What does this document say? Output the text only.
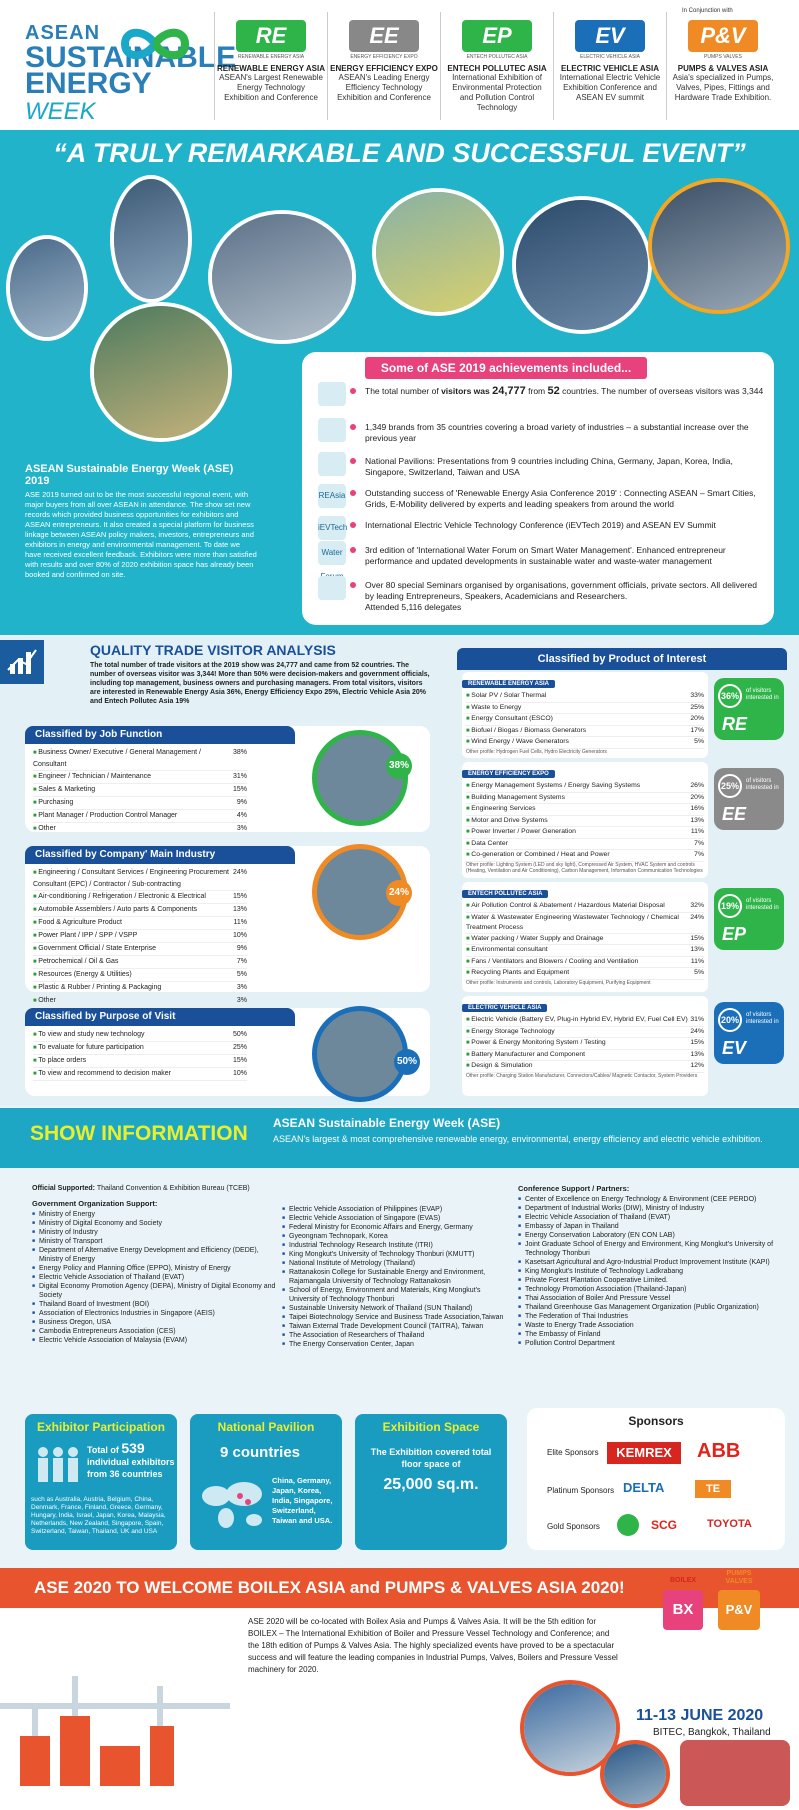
ASEAN
SUSTAINABLE
ENERGY WEEK
In Conjunction with
RE
RENEWABLE ENERGY ASIA
RENEWABLE ENERGY ASIA
ASEAN's Largest Renewable Energy Technology Exhibition and Conference
EE
ENERGY EFFICIENCY EXPO
ENERGY EFFICIENCY EXPO
ASEAN's Leading Energy Efficiency Technology Exhibition and Conference
EP
ENTECH POLLUTEC ASIA
ENTECH POLLUTEC ASIA
International Exhibition of Environmental Protection and Pollution Control Technology
EV
ELECTRIC VEHICLE ASIA
ELECTRIC VEHICLE ASIA
International Electric Vehicle Exhibition Conference and ASEAN EV summit
P&V
PUMPS VALVES
PUMPS & VALVES ASIA
Asia's specialized in Pumps, Valves, Pipes, Fittings and Hardware Trade Exhibition.
“A TRULY REMARKABLE AND SUCCESSFUL EVENT”
Some of ASE 2019 achievements included...
The total number of visitors was 24,777 from 52 countries. The number of overseas visitors was 3,344
1,349 brands from 35 countries covering a broad variety of industries – a substantial increase over the previous year
National Pavilions: Presentations from 9 countries including China, Germany, Japan, Korea, India, Singapore, Switzerland, Taiwan and USA
REAsia Outstanding success of 'Renewable Energy Asia Conference 2019' : Connecting ASEAN – Smart Cities, Grids, E-Mobility delivered by experts and leading speakers from around the world
iEVTech International Electric Vehicle Technology Conference (iEVTech 2019) and ASEAN EV Summit
Water	3rd edition of 'International Water Forum on Smart Water Management'. Enhanced entrepreneur performance and updated developments in sustainable water and waste-water management
Over 80 special Seminars organised by organisations, government officials, private sectors. All delivered by leading Entrepreneurs, Speakers, Academicians and Researchers.
Attended 5,116 delegates
ASEAN Sustainable Energy Week (ASE) 2019

ASE 2019 turned out to be the most successful regional event, with major buyers from all over ASEAN in attendance. The show set new records which provided business opportunities for exhibitors and ASEAN entrepreneurs. It also created a special platform for business linkage between ASEAN policy makers, investors, entrepreneurs and exhibitors in energy and environmental management. To date we have received excellent feedback. Exhibitors were more than satisfied with results and over 80% of 2020 exhibition space has already been booked and confirmed on site.

QUALITY TRADE VISITOR ANALYSIS
The total number of trade visitors at the 2019 show was 24,777 and came from 52 countries. The number of overseas visitor was 3,344! More than 50% were decision-makers and government officials, including top management, business owners and purchasing managers. From total visitors, visitors are interested in Renewable Energy Asia 36%, Energy Efficiency Expo 25%, Electric Vehicle Asia 20% and Entech Pollutec Asia 19%
Classified by Job Function
■ Business Owner/ Executive / General Management / Consultant
38%
■ Engineer / Technician / Maintenance	31%
■ Sales & Marketing	15%
■ Purchasing	9%
■ Plant Manager / Production Control Manager	4%
■ Other	3%
38%
Classified by Company' Main Industry
■ Engineering / Consultant Services / Engineering Procurement Consultant (EPC) / Contractor / Sub-contracting
24%
■ Air-conditioning / Refrigeration / Electronic & Electrical	15%
■ Automobile Assemblers / Auto parts & Components	13%
■ Food & Agriculture Product	11%
■ Power Plant / IPP / SPP / VSPP	10%
■ Government Official / State Enterprise	9%
■ Petrochemical / Oil & Gas	7%
■ Resources (Energy & Utilities)	5%
■ Plastic & Rubber / Printing & Packaging	3%
■ Other	3%
24%
Classified by Purpose of Visit
■ To view and study new technology	50%
■ To evaluate for future participation	25%
■ To place orders	15%
■ To view and recommend to decision maker	10%
50%
Classified by Product of Interest
RENEWABLE ENERGY ASIA
■ Solar PV / Solar Thermal	33%
■ Waste to Energy	25%
■ Energy Consultant (ESCO)	20%
■ Biofuel / Biogas / Biomass Generators	17%
■ Wind Energy / Wave Generators	5%
Other profile: Hydrogen Fuel Cells, Hydro Electricity Generators
36%	of visitors interested in
RE
ENERGY EFFICIENCY EXPO
■ Energy Management Systems / Energy Saving Systems	26%
■ Building Management Systems	20%
■ Engineering Services	16%
■ Motor and Drive Systems	13%
■ Power Inverter / Power Generation	11%
■ Data Center	7%
■ Co-generation or Combined / Heat and Power	7%
Other profile: Lighting System (LED and sky light), Compressed Air System, HVAC System and controls (Heating, Ventilation and Air Conditioning), Carbon Management, Information Communication Technologies
25%	of visitors interested in
EE
ENTECH POLLUTEC ASIA
■ Air Pollution Control & Abatement / Hazardous Material Disposal	32%
■ Water & Wastewater Engineering Wastewater Technology / Chemical Treatment Process
24%
■ Water packing / Water Supply and Drainage	15%
■ Environmental consultant	13%
■ Fans / Ventilators and Blowers / Cooling and Ventilation	11%
■ Recycling Plants and Equipment	5%
Other profile: Instruments and controls, Laboratory Equipment, Purifying Equipment
19%	of visitors interested in
EP
ELECTRIC VEHICLE ASIA
■ Electric Vehicle (Battery EV, Plug-in Hybrid EV, Hybrid EV, Fuel Cell EV) 31%
■ Energy Storage Technology	24%
■ Power & Energy Monitoring System / Testing	15%
■ Battery Manufacturer and Component	13%
■ Design & Simulation	12%
Other profile: Charging Station Manufacturer, Connectors/Cables/ Magnetic Contactor, System Providers
20%	of visitors interested in
EV
SHOW INFORMATION ASEAN Sustainable Energy Week (ASE)
ASEAN's largest & most comprehensive renewable energy, environmental, energy efficiency and electric vehicle exhibition.
Official Supported: Thailand Convention & Exhibition Bureau (TCEB)
Government Organization Support:
■ Ministry of Energy
■ Ministry of Digital Economy and Society
■ Ministry of Industry
■ Ministry of Transport
■ Department of Alternative Energy Development and Efficiency (DEDE), Ministry of Energy
■ Energy Policy and Planning Office (EPPO), Ministry of Energy
■ Electric Vehicle Association of Thailand (EVAT)
■ Digital Economy Promotion Agency (DEPA), Ministry of Digital Economy and Society
■ Thailand Board of Investment (BOI)
■ Association of Electronics Industries in Singapore (AEIS)
■ Business Oregon, USA
■ Cambodia Entrepreneurs Association (CES)
■ Electric Vehicle Association of Malaysia (EVAM)
■ Electric Vehicle Association of Philippines (EVAP)
■ Electric Vehicle Association of Singapore (EVAS)
■ Federal Ministry for Economic Affairs and Energy, Germany
■ Gyeongnam Technopark, Korea
■ Industrial Technology Research Institute (ITRI)
■ King Mongkut's University of Technology Thonburi (KMUTT)
■ National Institute of Metrology (Thailand)
■ Rattanakosin College for Sustainable Energy and Environment, Rajamangala University of Technology Rattanakosin
■ School of Energy, Environment and Materials, King Mongkut's University of Technology Thonburi
■ Sustainable University Network of Thailand (SUN Thailand)
■ Taipei Biotechnology Service and Business Trade Association,Taiwan
■ Taiwan External Trade Development Council (TAITRA), Taiwan
■ The Association of Researchers of Thailand
■ The Energy Conservation Center, Japan
Conference Support / Partners:
■ Center of Excellence on Energy Technology & Environment (CEE PERDO)
■ Department of Industrial Works (DIW), Ministry of Industry
■ Electric Vehicle Association of Thailand (EVAT)
■ Embassy of Japan in Thailand
■ Energy Conservation Laboratory (EN CON LAB)
■ Joint Graduate School of Energy and Environment, King Mongkut's University of Technology Thonburi
■ Kasetsart Agricultural and Agro-Industrial Product Improvement Institute (KAPI)
■ King Mongkut's Institute of Technology Ladkrabang
■ Private Forest Plantation Cooperative Limited.
■ Technology Promotion Association (Thailand-Japan)
■ Thai Association of Boiler And Pressure Vessel
■ Thailand Greenhouse Gas Management Organization (Public Organization)
■ The Federation of Thai Industries
■ Waste to Energy Trade Association
■ The Embassy of Finland
■ Pollution Control Department
Exhibitor Participation
Total of 539
individual exhibitors
from 36 countries
such as Australia, Austria, Belgium, China, Denmark, France, Finland, Greece, Germany, Hungary, India, Israel, Japan, Korea, Malaysia, Netherlands, New Zealand, Singapore, Spain, Switzerland, Taiwan, Thailand, UK and USA
National Pavilion
9 countries
China, Germany, Japan, Korea, India, Singapore, Switzerland, Taiwan and USA.
Exhibition Space
The Exhibition covered total floor space of
25,000 sq.m.
Sponsors
Elite Sponsors	KEMREX	ABB
Platinum Sponsors DELTA	TE
Gold Sponsors	SCG	TOYOTA
ASE 2020 TO WELCOME BOILEX ASIA and PUMPS & VALVES ASIA 2020!
ASE 2020 will be co-located with Boilex Asia and Pumps & Valves Asia. It will be the 5th edition for BOILEX – The International Exhibition of Boiler and Pressure Vessel Technology and Conference; and the 18th edition of Pumps & Valves Asia. The highly specialized events have proved to be a spectacular success and will feature the leading companies in Industrial Pumps, Valves, Boilers and Pressure Vessel machinery for 2020.
BOILEX
BX
PUMPS VALVES
P&V
11-13 JUNE 2020
BITEC, Bangkok, Thailand
